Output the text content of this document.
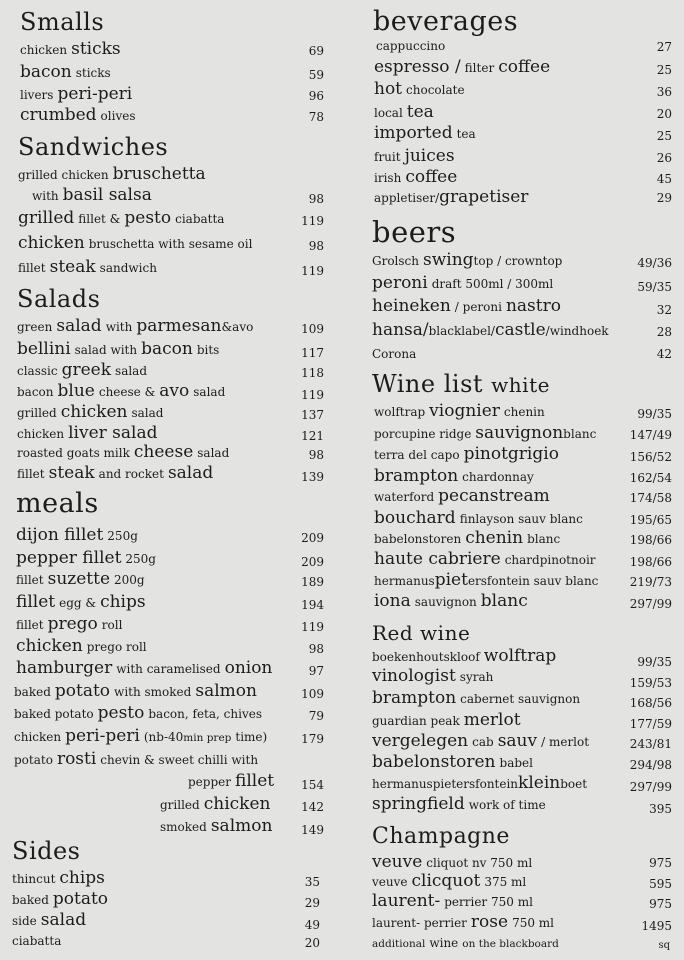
Smalls
chicken sticks	69
bacon sticks	59
livers peri-peri	96
crumbed olives	78
Sandwiches
grilled chicken bruschetta
with basil salsa	98
grilled fillet & pesto ciabatta	119
chicken bruschetta with sesame oil	98
fillet steak sandwich	119
Salads
green salad with parmesan &avo	109
bellini salad with bacon bits	117
classic greek salad	118
bacon blue cheese & avo salad	119
grilled chicken salad	137
chicken liver salad	121
roasted goats milk cheese salad	98
fillet steak and rocket salad	139
meals
dijon fillet 250g	209
pepper fillet 250g	209
fillet suzette 200g	189
fillet egg & chips	194
fillet prego roll	119
chicken prego roll	98
hamburger with caramelised onion	97
baked potato with smoked salmon	109
baked potato pesto bacon, feta, chives	79
chicken peri-peri (nb-40 min prep time)	179
potato rosti chevin & sweet chilli with
pepper fillet 154
grilled chicken	142
smoked salmon 149
Sides
thincut chips	35
baked potato	29
side salad	49
ciabatta	20
beverages
cappuccino	27
espresso / filter coffee	25
hot chocolate	36
local tea	20
imported tea	25
fruit juices	26
irish coffee	45
appletiser/ grapetiser	29
beers
Grolsch swing top / crowntop	49/36
peroni draft 500ml / 300ml	59/35
heineken / peroni nastro	32
hansa/ blacklabel/ castle /windhoek	28
Corona	42
Wine list white
wolftrap viognier chenin	99/35
porcupine ridge sauvignon blanc	147/49
terra del capo pinotgrigio	156/52
brampton chardonnay	162/54
waterford pecanstream	174/58
bouchard finlayson sauv blanc	195/65
babelonstoren chenin blanc	198/66
haute cabriere chardpinotnoir	198/66
hermanus piet ersfontein sauv blanc	219/73
iona sauvignon blanc	297/99
Red wine
boekenhoutskloof wolftrap	99/35
vinologist syrah	159/53
brampton cabernet sauvignon	168/56
guardian peak merlot	177/59
vergelegen cab sauv / merlot	243/81
babelonstoren babel	294/98
hermanuspietersfontein klein boet	297/99
springfield work of time	395
Champagne
veuve cliquot nv 750 ml	975
veuve clicquot 375 ml	595
laurent- perrier 750 ml	975
laurent- perrier rose 750 ml	1495
additional wine on the blackboard	sq
